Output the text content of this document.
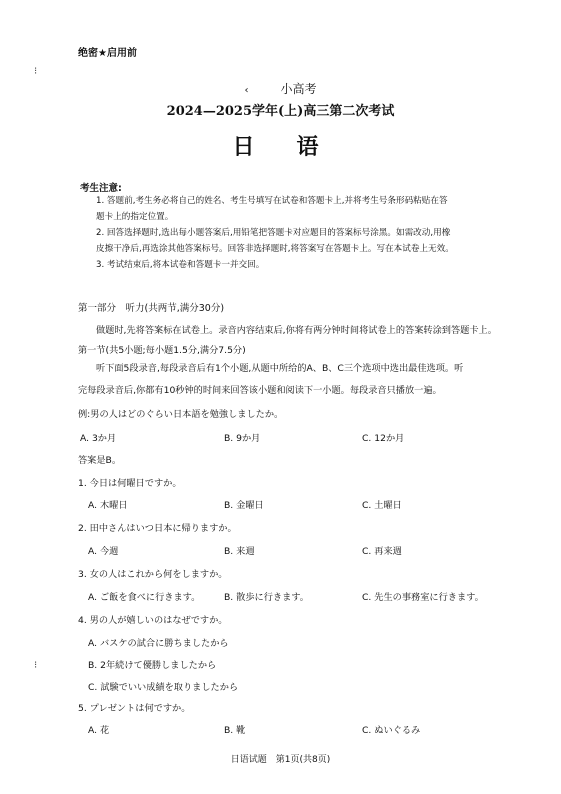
绝密★启用前
⁝
⁝
‹	小高考
2024—2025学年(上)高三第二次考试
日　语
考生注意:
1. 答题前,考生务必将自己的姓名、考生号填写在试卷和答题卡上,并将考生号条形码粘贴在答题卡上的指定位置。
2. 回答选择题时,选出每小题答案后,用铅笔把答题卡对应题目的答案标号涂黑。如需改动,用橡皮擦干净后,再选涂其他答案标号。回答非选择题时,将答案写在答题卡上。写在本试卷上无效。
3. 考试结束后,将本试卷和答题卡一并交回。
第一部分　听力(共两节,满分30分)
做题时,先将答案标在试卷上。录音内容结束后,你将有两分钟时间将试卷上的答案转涂到答题卡上。
第一节(共5小题;每小题1.5分,满分7.5分)
听下面5段录音,每段录音后有1个小题,从题中所给的A、B、C三个选项中选出最佳选项。听完每段录音后,你都有10秒钟的时间来回答该小题和阅读下一小题。每段录音只播放一遍。
例:男の人はどのぐらい日本語を勉強しましたか。
A. 3か月	B. 9か月	C. 12か月
答案是B。
1. 今日は何曜日ですか。
A. 木曜日	B. 金曜日	C. 土曜日
2. 田中さんはいつ日本に帰りますか。
A. 今週	B. 来週	C. 再来週
3. 女の人はこれから何をしますか。
A. ご飯を食べに行きます。	B. 散歩に行きます。	C. 先生の事務室に行きます。
4. 男の人が嬉しいのはなぜですか。
A. バスケの試合に勝ちましたから
B. 2年続けて優勝しましたから
C. 試験でいい成績を取りましたから
5. プレゼントは何ですか。
A. 花	B. 靴	C. ぬいぐるみ
日语试题　第1页(共8页)
